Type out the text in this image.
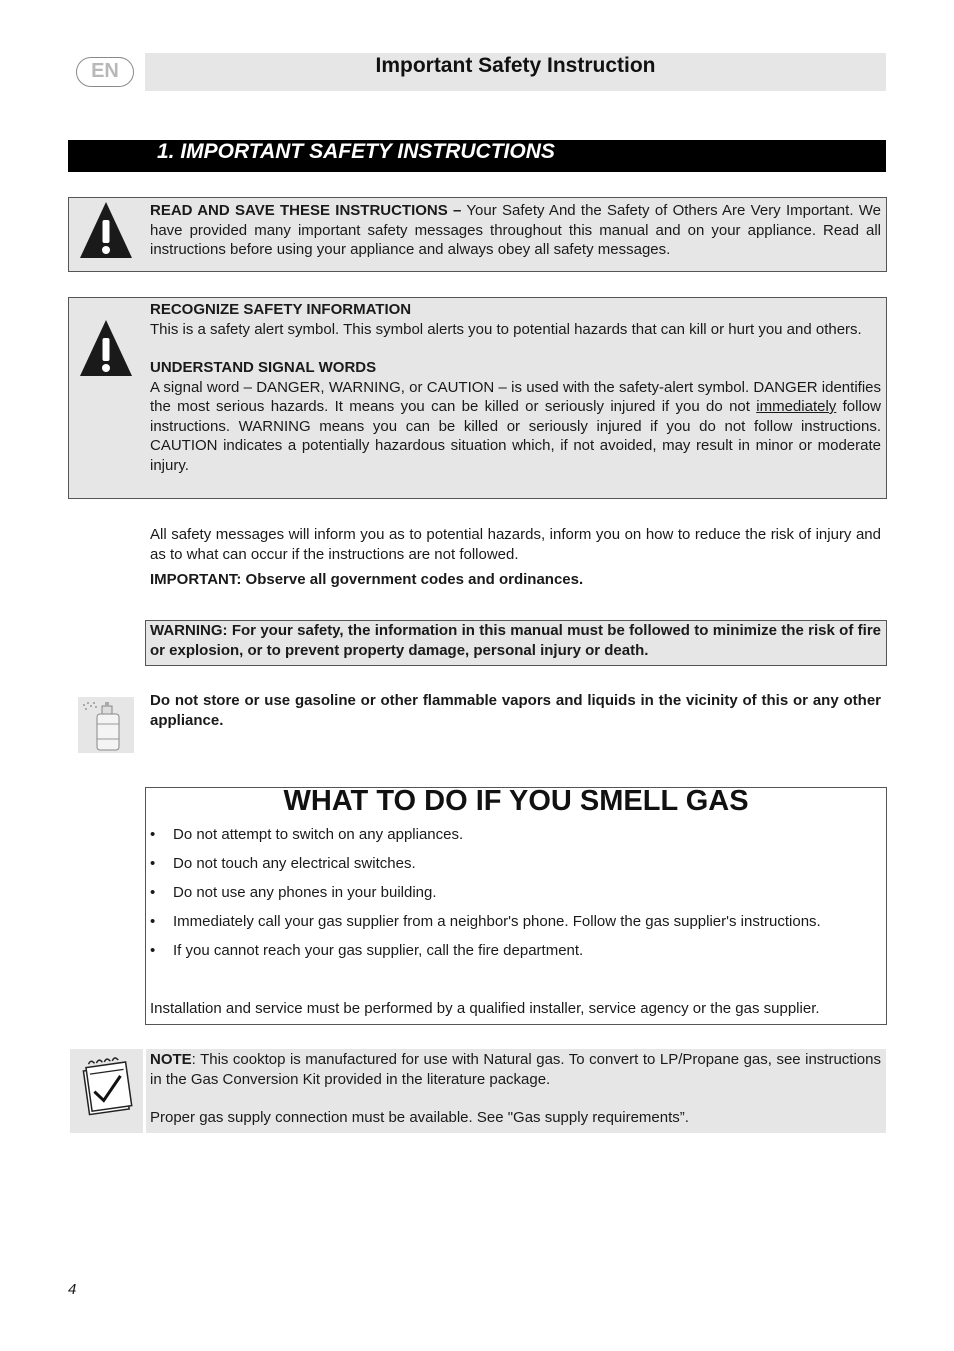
EN	Important Safety Instruction
1. IMPORTANT SAFETY INSTRUCTIONS

READ AND SAVE THESE INSTRUCTIONS – Your Safety And the Safety of Others Are Very Important. We have provided many important safety messages throughout this manual and on your appliance. Read all instructions before using your appliance and always obey all safety messages.

RECOGNIZE SAFETY INFORMATION

This is a safety alert symbol. This symbol alerts you to potential hazards that can kill or hurt you and others.

UNDERSTAND SIGNAL WORDS

A signal word – DANGER, WARNING, or CAUTION – is used with the safety-alert symbol. DANGER identifies the most serious hazards. It means you can be killed or seriously injured if you do not immediately follow instructions. WARNING means you can be killed or seriously injured if you do not follow instructions. CAUTION indicates a potentially hazardous situation which, if not avoided, may result in minor or moderate injury.

All safety messages will inform you as to potential hazards, inform you on how to reduce the risk of injury and as to what can occur if the instructions are not followed.
IMPORTANT: Observe all government codes and ordinances.
WARNING: For your safety, the information in this manual must be followed to minimize the risk of fire or explosion, or to prevent property damage, personal injury or death.
Do not store or use gasoline or other flammable vapors and liquids in the vicinity of this or any other appliance.
WHAT TO DO IF YOU SMELL GAS
• Do not attempt to switch on any appliances.
• Do not touch any electrical switches.
• Do not use any phones in your building.
• Immediately call your gas supplier from a neighbor's phone. Follow the gas supplier's instructions.
• If you cannot reach your gas supplier, call the fire department.
Installation and service must be performed by a qualified installer, service agency or the gas supplier.

NOTE: This cooktop is manufactured for use with Natural gas. To convert to LP/Propane gas, see instructions in the Gas Conversion Kit provided in the literature package.

Proper gas supply connection must be available. See "Gas supply requirements”.

4
